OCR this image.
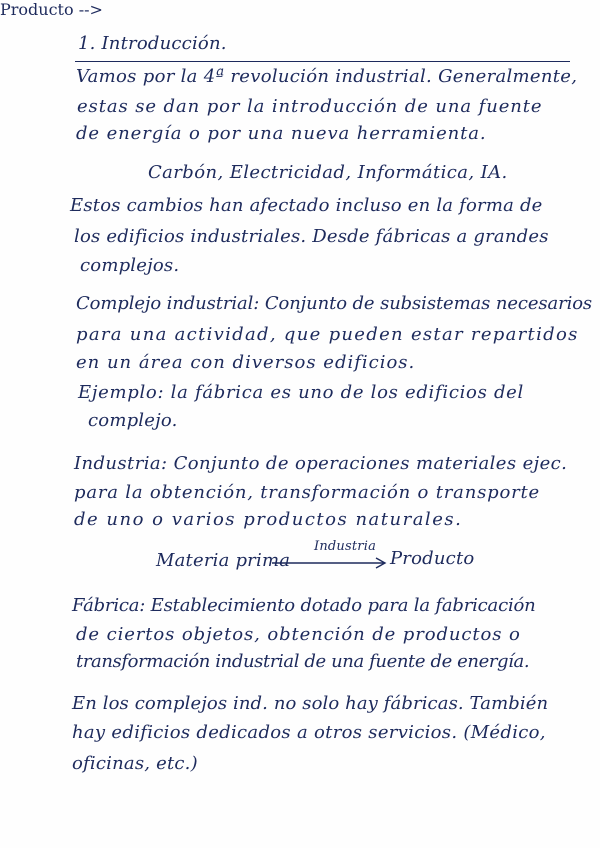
1. Introducción.
Vamos por la 4ª revolución industrial. Generalmente,
estas se dan por la introducción de una fuente
de energía o por una nueva herramienta.
Carbón, Electricidad, Informática, IA.
Estos cambios han afectado incluso en la forma de
los edificios industriales. Desde fábricas a grandes
complejos.
Complejo industrial: Conjunto de subsistemas necesarios
para una actividad, que pueden estar repartidos
en un área con diversos edificios.
Ejemplo: la fábrica es uno de los edificios del
complejo.
Industria: Conjunto de operaciones materiales ejec.
para la obtención, transformación o transporte
de uno o varios productos naturales.
Producto -->
Materia prima
Industria
Producto
Fábrica: Establecimiento dotado para la fabricación
de ciertos objetos, obtención de productos o
transformación industrial de una fuente de energía.
En los complejos ind. no solo hay fábricas. También
hay edificios dedicados a otros servicios. (Médico,
oficinas, etc.)
